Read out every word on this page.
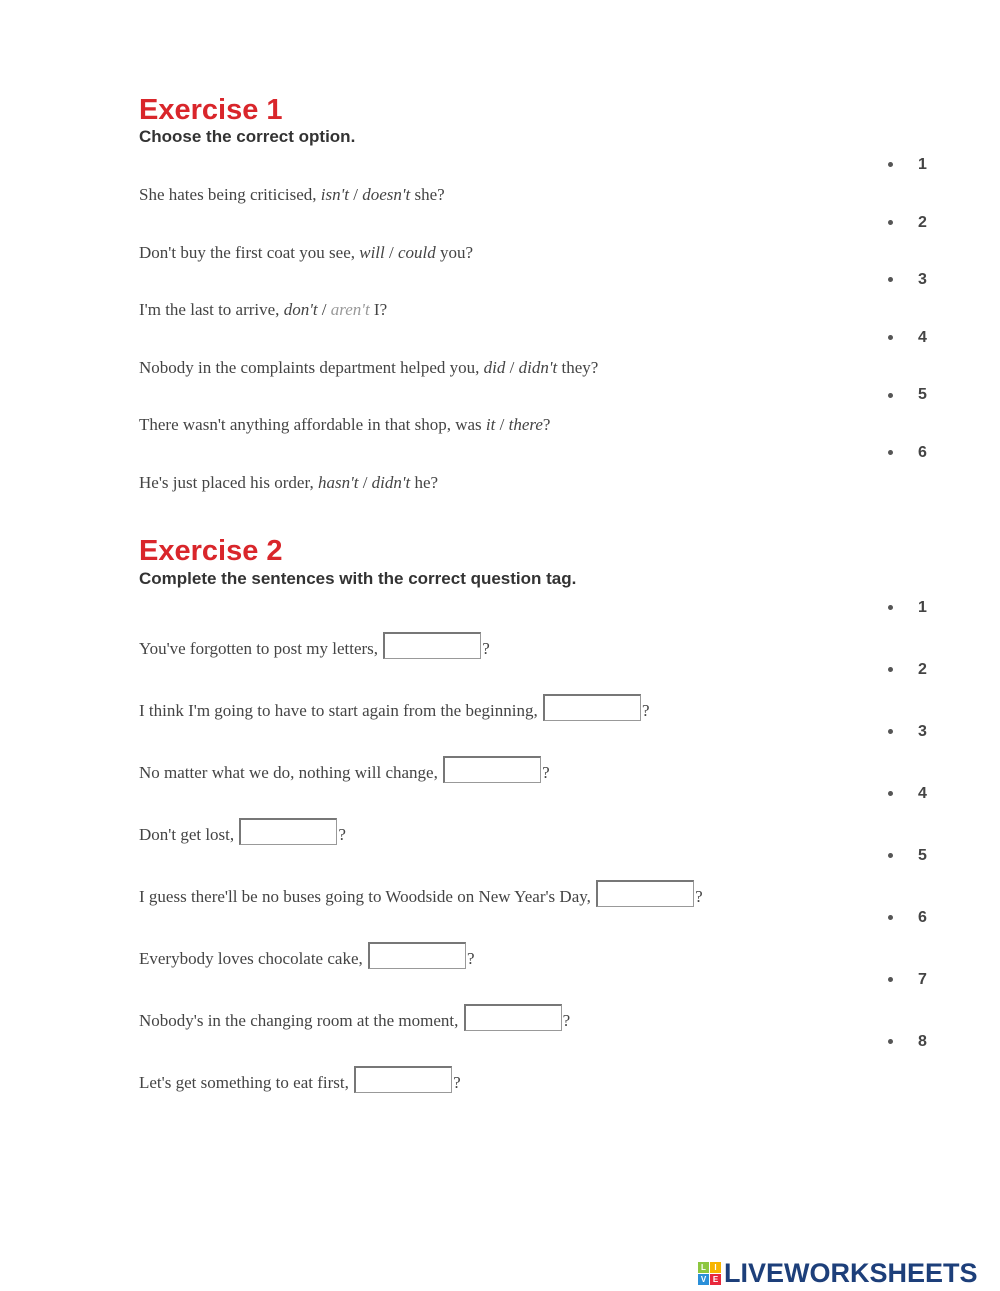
Exercise 1
Choose the correct option.
1
She hates being criticised, isn't / doesn't she?
2
Don't buy the first coat you see, will / could you?
3
I'm the last to arrive, don't / aren't I?
4
Nobody in the complaints department helped you, did / didn't they?
5
There wasn't anything affordable in that shop, was it / there?
6
He's just placed his order, hasn't / didn't he?
Exercise 2
Complete the sentences with the correct question tag.
1
You've forgotten to post my letters,	?
2
I think I'm going to have to start again from the beginning,	?
3
No matter what we do, nothing will change,	?
4
Don't get lost,	?
5
I guess there'll be no buses going to Woodside on New Year's Day,	?
6
Everybody loves chocolate cake,	?
7
Nobody's in the changing room at the moment,	?
8
Let's get something to eat first,	?
L	I
V E LIVEWORKSHEETS
